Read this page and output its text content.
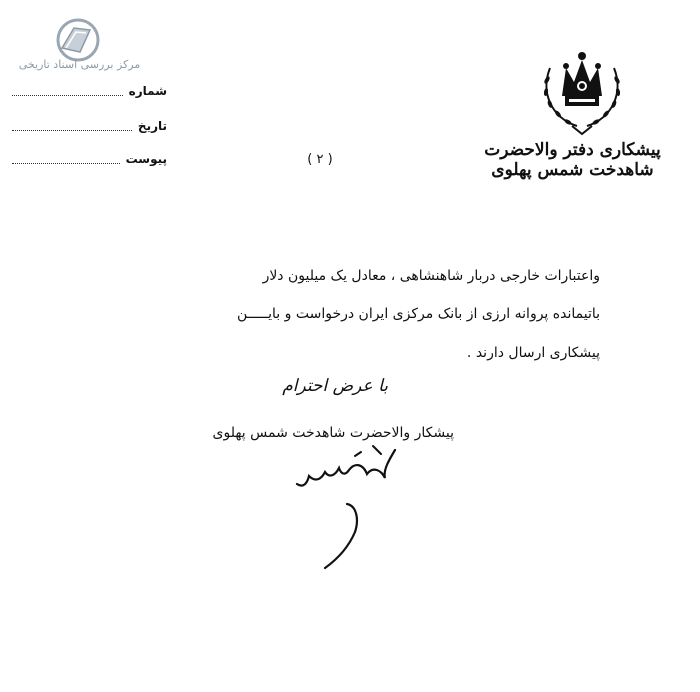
مرکز بررسی اسناد تاریخی
شماره
تاریخ
پیوست	( ۲ )	پیشکاری دفتر والاحضرت شاهدخت شمس پهلوی
واعتبارات خارجی دربار شاهنشاهی ، معادل یک میلیون دلار
باتیماندە پروانه ارزی از بانک مرکزی ایران درخواست و بایـــــن
پیشکاری ارسال دارند .
با عرض احترام
پیشکار والاحضرت شاهدخت شمس پهلوی
